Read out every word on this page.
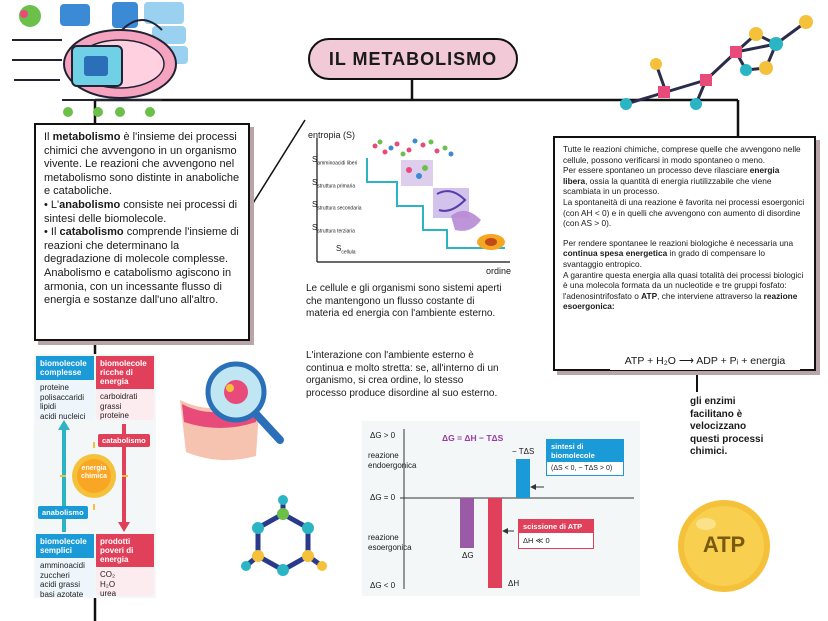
IL METABOLISMO
Il metabolismo è l'insieme dei processi chimici che avvengono in un organismo vivente. Le reazioni che avvengono nel metabolismo sono distinte in anaboliche e cataboliche.
• L'anabolismo consiste nei processi di sintesi delle biomolecole.
• Il catabolismo comprende l'insieme di reazioni che determinano la degradazione di molecole complesse.
Anabolismo e catabolismo agiscono in armonia, con un incessante flusso di energia e sostanze dall'uno all'altro.
entropia (S)
ordine
$S_{amminoacidi liberi}$
$S_{struttura primaria}$
$S_{struttura secondaria}$
$S_{struttura terziaria}$
$S_{cellula}$
Le cellule e gli organismi sono sistemi aperti che mantengono un flusso costante di materia ed energia con l'ambiente esterno.
L'interazione con l'ambiente esterno è continua e molto stretta: se, all'interno di un organismo, si crea ordine, lo stesso processo produce disordine al suo esterno.
Tutte le reazioni chimiche, comprese quelle che avvengono nelle cellule, possono verificarsi in modo spontaneo o meno.
Per essere spontaneo un processo deve rilasciare energia libera, ossia la quantità di energia riutilizzabile che viene scambiata in un processo.
La spontaneità di una reazione è favorita nei processi esoergonici (con AH < 0) e in quelli che avvengono con aumento di disordine (con AS > 0).
Per rendere spontanee le reazioni biologiche è necessaria una continua spesa energetica in grado di compensare lo svantaggio entropico.
A garantire questa energia alla quasi totalità dei processi biologici è una molecola formata da un nucleotide e tre gruppi fosfato: l'adenosintrifosfato o ATP, che interviene attraverso la reazione esoergonica:
ATP + H₂O ⟶ ADP + Pᵢ + energia
gli enzimi facilitano è velocizzano questi processi chimici.
ATP
biomolecole complesse
proteine
polisaccaridi
lipidi
acidi nucleici
biomolecole ricche di energia
carboidrati
grassi
proteine
energia chimica
catabolismo
anabolismo
biomolecole semplici
amminoacidi
zuccheri
acidi grassi
basi azotate
prodotti poveri di energia
CO₂
H₂O
urea
ΔG > 0
reazione endoergonica
ΔG = 0
reazione esoergonica
ΔG < 0
ΔG = ΔH − TΔS
− TΔS
ΔG
ΔH
sintesi di biomolecole
(ΔS < 0, − TΔS > 0)
scissione di ATP
ΔH ≪ 0
